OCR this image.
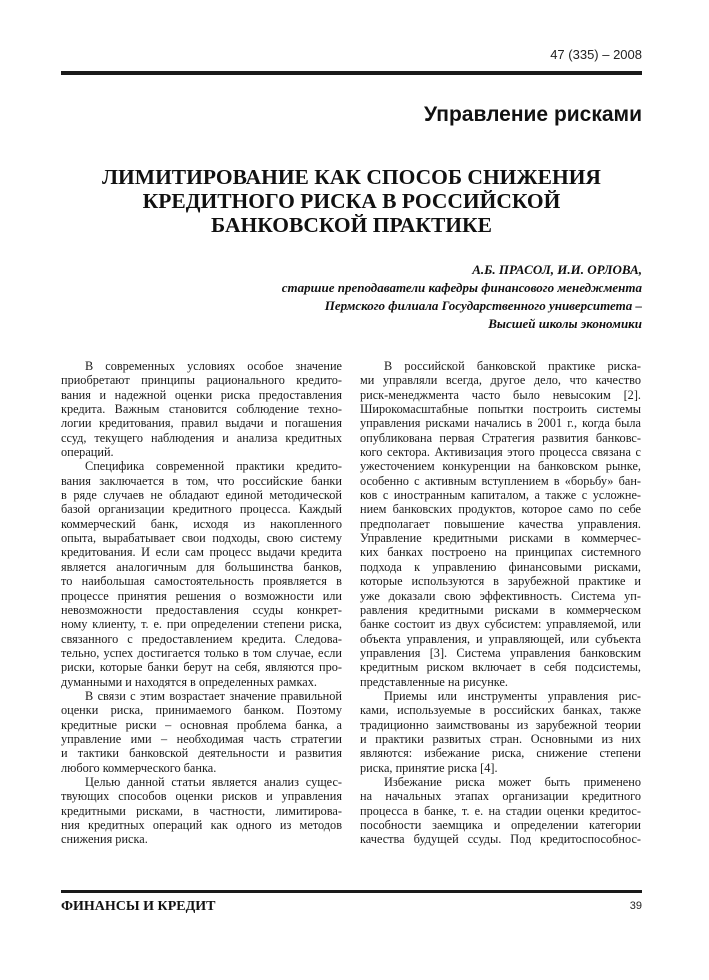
47 (335) – 2008
Управление рисками
ЛИМИТИРОВАНИЕ КАК СПОСОБ СНИЖЕНИЯ
КРЕДИТНОГО РИСКА В РОССИЙСКОЙ
БАНКОВСКОЙ ПРАКТИКЕ
А.Б. ПРАСОЛ, И.И. ОРЛОВА,
старшие преподаватели кафедры финансового менеджмента
Пермского филиала Государственного университета –
Высшей школы экономики
В современных условиях особое значение
приобретают принципы рационального кредито-
вания и надежной оценки риска предоставления
кредита. Важным становится соблюдение техно-
логии кредитования, правил выдачи и погашения
ссуд, текущего наблюдения и анализа кредитных
операций.
Специфика современной практики кредито-
вания заключается в том, что российские банки
в ряде случаев не обладают единой методической
базой организации кредитного процесса. Каждый
коммерческий банк, исходя из накопленного
опыта, вырабатывает свои подходы, свою систему
кредитования. И если сам процесс выдачи кредита
является аналогичным для большинства банков,
то наибольшая самостоятельность проявляется в
процессе принятия решения о возможности или
невозможности предоставления ссуды конкрет-
ному клиенту, т. е. при определении степени риска,
связанного с предоставлением кредита. Следова-
тельно, успех достигается только в том случае, если
риски, которые банки берут на себя, являются про-
думанными и находятся в определенных рамках.
В связи с этим возрастает значение правильной
оценки риска, принимаемого банком. Поэтому
кредитные риски – основная проблема банка, а
управление ими – необходимая часть стратегии
и тактики банковской деятельности и развития
любого коммерческого банка.
Целью данной статьи является анализ сущес-
твующих способов оценки рисков и управления
кредитными рисками, в частности, лимитирова-
ния кредитных операций как одного из методов
снижения риска.
В российской банковской практике риска-
ми управляли всегда, другое дело, что качество
риск-менеджмента часто было невысоким [2].
Широкомасштабные попытки построить системы
управления рисками начались в 2001 г., когда была
опубликована первая Стратегия развития банковс-
кого сектора. Активизация этого процесса связана с
ужесточением конкуренции на банковском рынке,
особенно с активным вступлением в «борьбу» бан-
ков с иностранным капиталом, а также с усложне-
нием банковских продуктов, которое само по себе
предполагает повышение качества управления.
Управление кредитными рисками в коммерчес-
ких банках построено на принципах системного
подхода к управлению финансовыми рисками,
которые используются в зарубежной практике и
уже доказали свою эффективность. Система уп-
равления кредитными рисками в коммерческом
банке состоит из двух субсистем: управляемой, или
объекта управления, и управляющей, или субъекта
управления [3]. Система управления банковским
кредитным риском включает в себя подсистемы,
представленные на рисунке.
Приемы или инструменты управления рис-
ками, используемые в российских банках, также
традиционно заимствованы из зарубежной теории
и практики развитых стран. Основными из них
являются: избежание риска, снижение степени
риска, принятие риска [4].
Избежание риска может быть применено
на начальных этапах организации кредитного
процесса в банке, т. е. на стадии оценки кредитос-
пособности заемщика и определении категории
качества будущей ссуды. Под кредитоспособнос-
ФИНАНСЫ И КРЕДИТ	39
